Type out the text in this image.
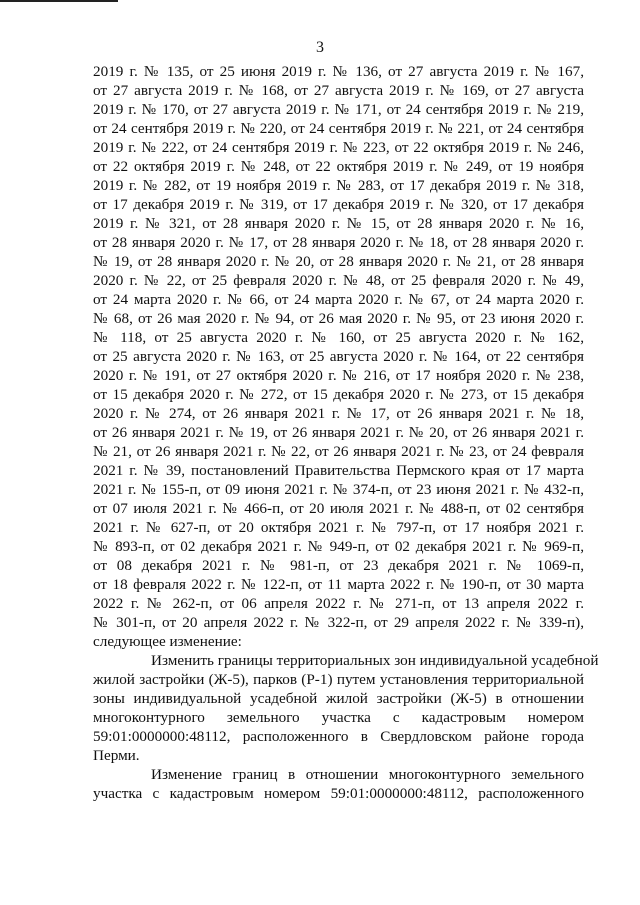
3

2019 г. № 135, от 25 июня 2019 г. № 136, от 27 августа 2019 г. № 167,
от 27 августа 2019 г. № 168, от 27 августа 2019 г. № 169, от 27 августа
2019 г. № 170, от 27 августа 2019 г. № 171, от 24 сентября 2019 г. № 219,
от 24 сентября 2019 г. № 220, от 24 сентября 2019 г. № 221, от 24 сентября
2019 г. № 222, от 24 сентября 2019 г. № 223, от 22 октября 2019 г. № 246,
от 22 октября 2019 г. № 248, от 22 октября 2019 г. № 249, от 19 ноября
2019 г. № 282, от 19 ноября 2019 г. № 283, от 17 декабря 2019 г. № 318,
от 17 декабря 2019 г. № 319, от 17 декабря 2019 г. № 320, от 17 декабря
2019 г. № 321, от 28 января 2020 г. № 15, от 28 января 2020 г. № 16,
от 28 января 2020 г. № 17, от 28 января 2020 г. № 18, от 28 января 2020 г.
№ 19, от 28 января 2020 г. № 20, от 28 января 2020 г. № 21, от 28 января
2020 г. № 22, от 25 февраля 2020 г. № 48, от 25 февраля 2020 г. № 49,
от 24 марта 2020 г. № 66, от 24 марта 2020 г. № 67, от 24 марта 2020 г.
№ 68, от 26 мая 2020 г. № 94, от 26 мая 2020 г. № 95, от 23 июня 2020 г.
№ 118, от 25 августа 2020 г. № 160, от 25 августа 2020 г. № 162,
от 25 августа 2020 г. № 163, от 25 августа 2020 г. № 164, от 22 сентября
2020 г. № 191, от 27 октября 2020 г. № 216, от 17 ноября 2020 г. № 238,
от 15 декабря 2020 г. № 272, от 15 декабря 2020 г. № 273, от 15 декабря
2020 г. № 274, от 26 января 2021 г. № 17, от 26 января 2021 г. № 18,
от 26 января 2021 г. № 19, от 26 января 2021 г. № 20, от 26 января 2021 г.
№ 21, от 26 января 2021 г. № 22, от 26 января 2021 г. № 23, от 24 февраля
2021 г. № 39, постановлений Правительства Пермского края от 17 марта
2021 г. № 155-п, от 09 июня 2021 г. № 374-п, от 23 июня 2021 г. № 432-п,
от 07 июля 2021 г. № 466-п, от 20 июля 2021 г. № 488-п, от 02 сентября
2021 г. № 627-п, от 20 октября 2021 г. № 797-п, от 17 ноября 2021 г.
№ 893-п, от 02 декабря 2021 г. № 949-п, от 02 декабря 2021 г. № 969-п,
от 08 декабря 2021 г. № 981-п, от 23 декабря 2021 г. № 1069-п,
от 18 февраля 2022 г. № 122-п, от 11 марта 2022 г. № 190-п, от 30 марта
2022 г. № 262-п, от 06 апреля 2022 г. № 271-п, от 13 апреля 2022 г.
№ 301-п, от 20 апреля 2022 г. № 322-п, от 29 апреля 2022 г. № 339-п),
следующее изменение:

Изменить границы территориальных зон индивидуальной усадебной
жилой застройки (Ж-5), парков (Р-1) путем установления территориальной
зоны индивидуальной усадебной жилой застройки (Ж-5) в отношении
многоконтурного земельного участка с кадастровым номером
59:01:0000000:48112, расположенного в Свердловском районе города
Перми.

Изменение границ в отношении многоконтурного земельного
участка с кадастровым номером 59:01:0000000:48112, расположенного
